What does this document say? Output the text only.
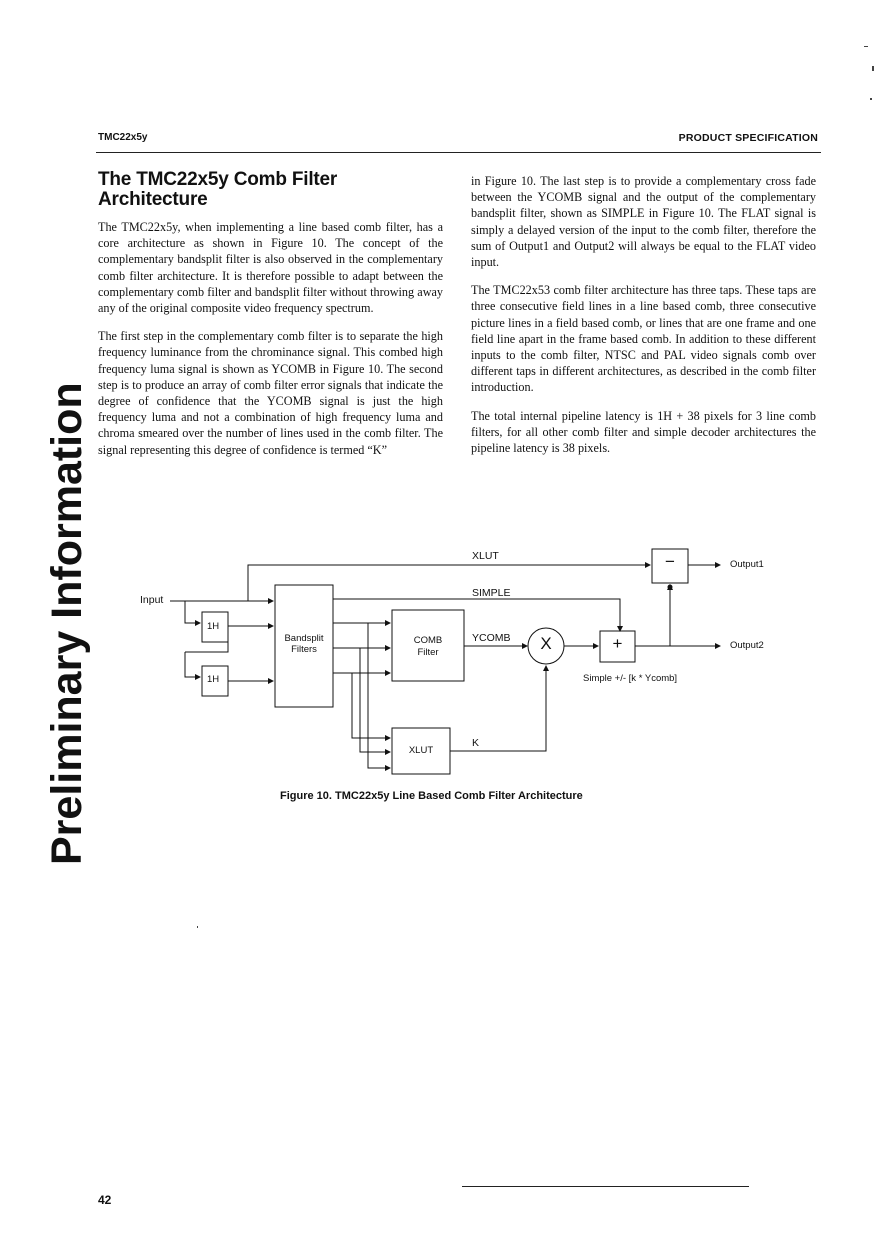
TMC22x5y	PRODUCT SPECIFICATION
Preliminary Information
The TMC22x5y Comb Filter Architecture

The TMC22x5y, when implementing a line based comb filter, has a core architecture as shown in Figure 10. The concept of the complementary bandsplit filter is also observed in the complementary comb filter architecture. It is therefore possible to adapt between the complementary comb filter and bandsplit filter without throwing away any of the original composite video frequency spectrum.

The first step in the complementary comb filter is to separate the high frequency luminance from the chrominance signal. This combed high frequency luma signal is shown as YCOMB in Figure 10. The second step is to produce an array of comb filter error signals that indicate the degree of confidence that the YCOMB signal is just the high frequency luma and not a combination of high frequency luma and chroma smeared over the number of lines used in the comb filter. The signal representing this degree of confidence is termed “K”

in Figure 10. The last step is to provide a complementary cross fade between the YCOMB signal and the output of the complementary bandsplit filter, shown as SIMPLE in Figure 10. The FLAT signal is simply a delayed version of the input to the comb filter, therefore the sum of Output1 and Output2 will always be equal to the FLAT video input.

The TMC22x53 comb filter architecture has three taps. These taps are three consecutive field lines in a line based comb, three consecutive picture lines in a field based comb, or lines that are one frame and one field line apart in the frame based comb. In addition to these different inputs to the comb filter, NTSC and PAL video signals comb over different taps in different architectures, as described in the comb filter introduction.

The total internal pipeline latency is 1H + 38 pixels for 3 line comb filters, for all other comb filter and simple decoder architectures the pipeline latency is 38 pixels.

Input
XLUT
SIMPLE
YCOMB
K
Output1
Output2
1H
1H
Bandsplit Filters
COMB
Filter
XLUT
X	+
−
Simple +/- [k * Ycomb]
Figure 10. TMC22x5y Line Based Comb Filter Architecture
42
